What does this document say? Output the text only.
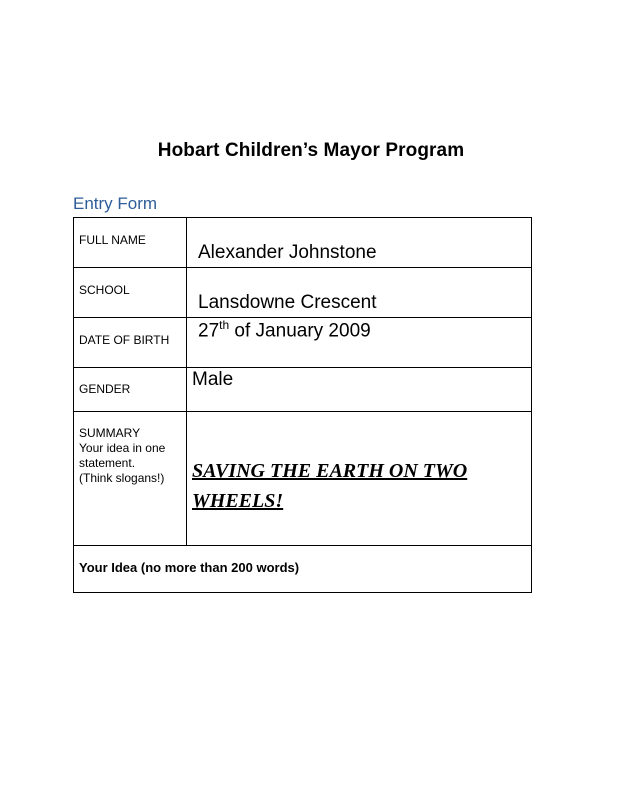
Hobart Children’s Mayor Program
Entry Form
FULL NAME	Alexander Johnstone

SCHOOL	Lansdowne Crescent

DATE OF BIRTH	27th of January 2009

GENDER	Male

SUMMARY
Your idea in one
statement.
(Think slogans!)	SAVING THE EARTH ON TWO WHEELS!

Your Idea (no more than 200 words)	
